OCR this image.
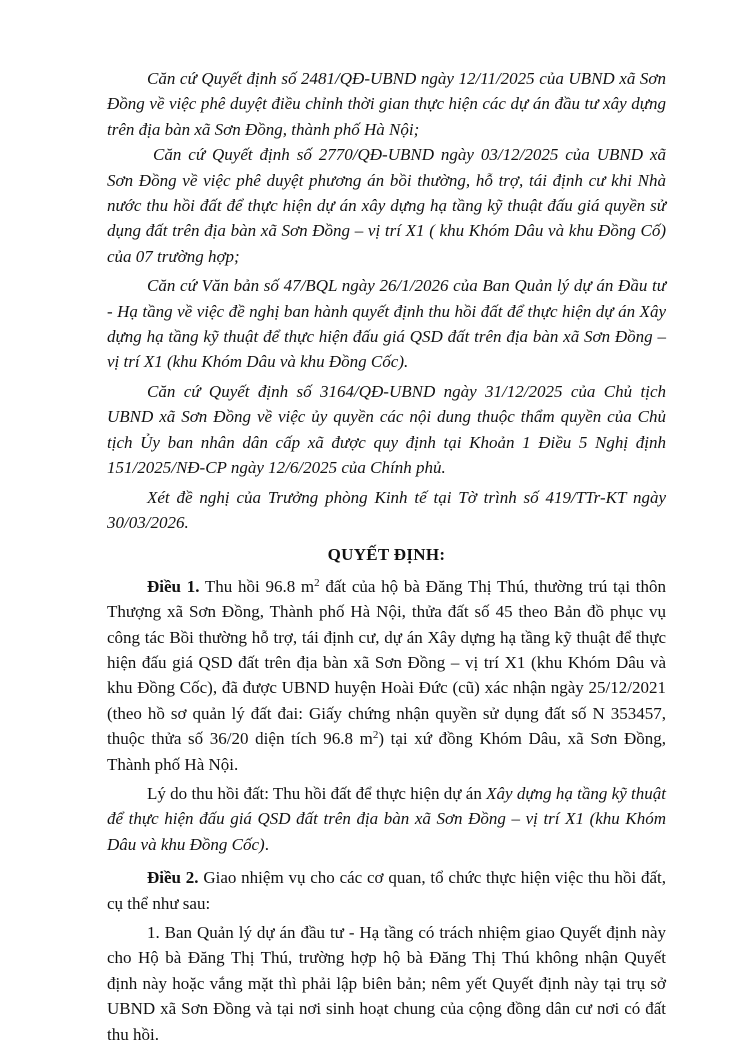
Căn cứ Quyết định số 2481/QĐ-UBND ngày 12/11/2025 của UBND xã Sơn Đồng về việc phê duyệt điều chỉnh thời gian thực hiện các dự án đầu tư xây dựng trên địa bàn xã Sơn Đồng, thành phố Hà Nội;

Căn cứ Quyết định số 2770/QĐ-UBND ngày 03/12/2025 của UBND xã Sơn Đồng về việc phê duyệt phương án bồi thường, hỗ trợ, tái định cư khi Nhà nước thu hồi đất để thực hiện dự án xây dựng hạ tầng kỹ thuật đấu giá quyền sử dụng đất trên địa bàn xã Sơn Đồng – vị trí X1 ( khu Khóm Dâu và khu Đồng Cố) của 07 trường hợp;

Căn cứ Văn bản số 47/BQL ngày 26/1/2026 của Ban Quản lý dự án Đầu tư - Hạ tầng về việc đề nghị ban hành quyết định thu hồi đất để thực hiện dự án Xây dựng hạ tầng kỹ thuật để thực hiện đấu giá QSD đất trên địa bàn xã Sơn Đồng – vị trí X1 (khu Khóm Dâu và khu Đồng Cốc).

Căn cứ Quyết định số 3164/QĐ-UBND ngày 31/12/2025 của Chủ tịch UBND xã Sơn Đồng về việc ủy quyền các nội dung thuộc thẩm quyền của Chủ tịch Ủy ban nhân dân cấp xã được quy định tại Khoản 1 Điều 5 Nghị định 151/2025/NĐ-CP ngày 12/6/2025 của Chính phủ.

Xét đề nghị của Trưởng phòng Kinh tế tại Tờ trình số 419/TTr-KT ngày 30/03/2026.

QUYẾT ĐỊNH:

Điều 1. Thu hồi 96.8 $m^2$ đất của hộ bà Đăng Thị Thú, thường trú tại thôn Thượng xã Sơn Đồng, Thành phố Hà Nội, thửa đất số 45 theo Bản đồ phục vụ công tác Bồi thường hỗ trợ, tái định cư, dự án Xây dựng hạ tầng kỹ thuật để thực hiện đấu giá QSD đất trên địa bàn xã Sơn Đồng – vị trí X1 (khu Khóm Dâu và khu Đồng Cốc), đã được UBND huyện Hoài Đức (cũ) xác nhận ngày 25/12/2021 (theo hồ sơ quản lý đất đai: Giấy chứng nhận quyền sử dụng đất số N 353457, thuộc thửa số 36/20 diện tích 96.8 $m^2$) tại xứ đồng Khóm Dâu, xã Sơn Đồng, Thành phố Hà Nội.

Lý do thu hồi đất: Thu hồi đất để thực hiện dự án Xây dựng hạ tầng kỹ thuật để thực hiện đấu giá QSD đất trên địa bàn xã Sơn Đồng – vị trí X1 (khu Khóm Dâu và khu Đồng Cốc).

Điều 2. Giao nhiệm vụ cho các cơ quan, tổ chức thực hiện việc thu hồi đất, cụ thể như sau:

1. Ban Quản lý dự án đầu tư - Hạ tầng có trách nhiệm giao Quyết định này cho Hộ bà Đăng Thị Thú, trường hợp hộ bà Đăng Thị Thú không nhận Quyết định này hoặc vắng mặt thì phải lập biên bản; nêm yết Quyết định này tại trụ sở UBND xã Sơn Đồng và tại nơi sinh hoạt chung của cộng đồng dân cư nơi có đất thu hồi.
